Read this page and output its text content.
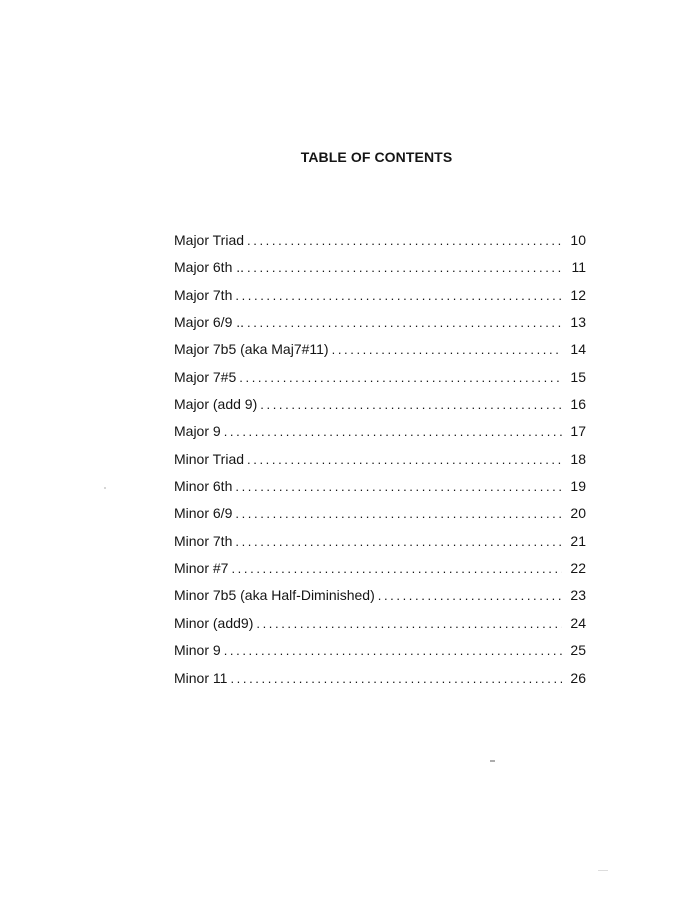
TABLE OF CONTENTS
Major Triad .....	10
Major 6th .. .....	11
Major 7th .....	12
Major 6/9 .. .....	13
Major 7b5 (aka Maj7#11) .....	14
Major 7#5 .....	15
Major (add 9) .....	16
Major 9 .....	17
Minor Triad .....	18
Minor 6th .....	19
Minor 6/9 .....	20
Minor 7th .....	21
Minor #7 .....	22
Minor 7b5 (aka Half-Diminished) .....	23
Minor (add9) .....	24
Minor 9 .....	25
Minor 11 .....	26
